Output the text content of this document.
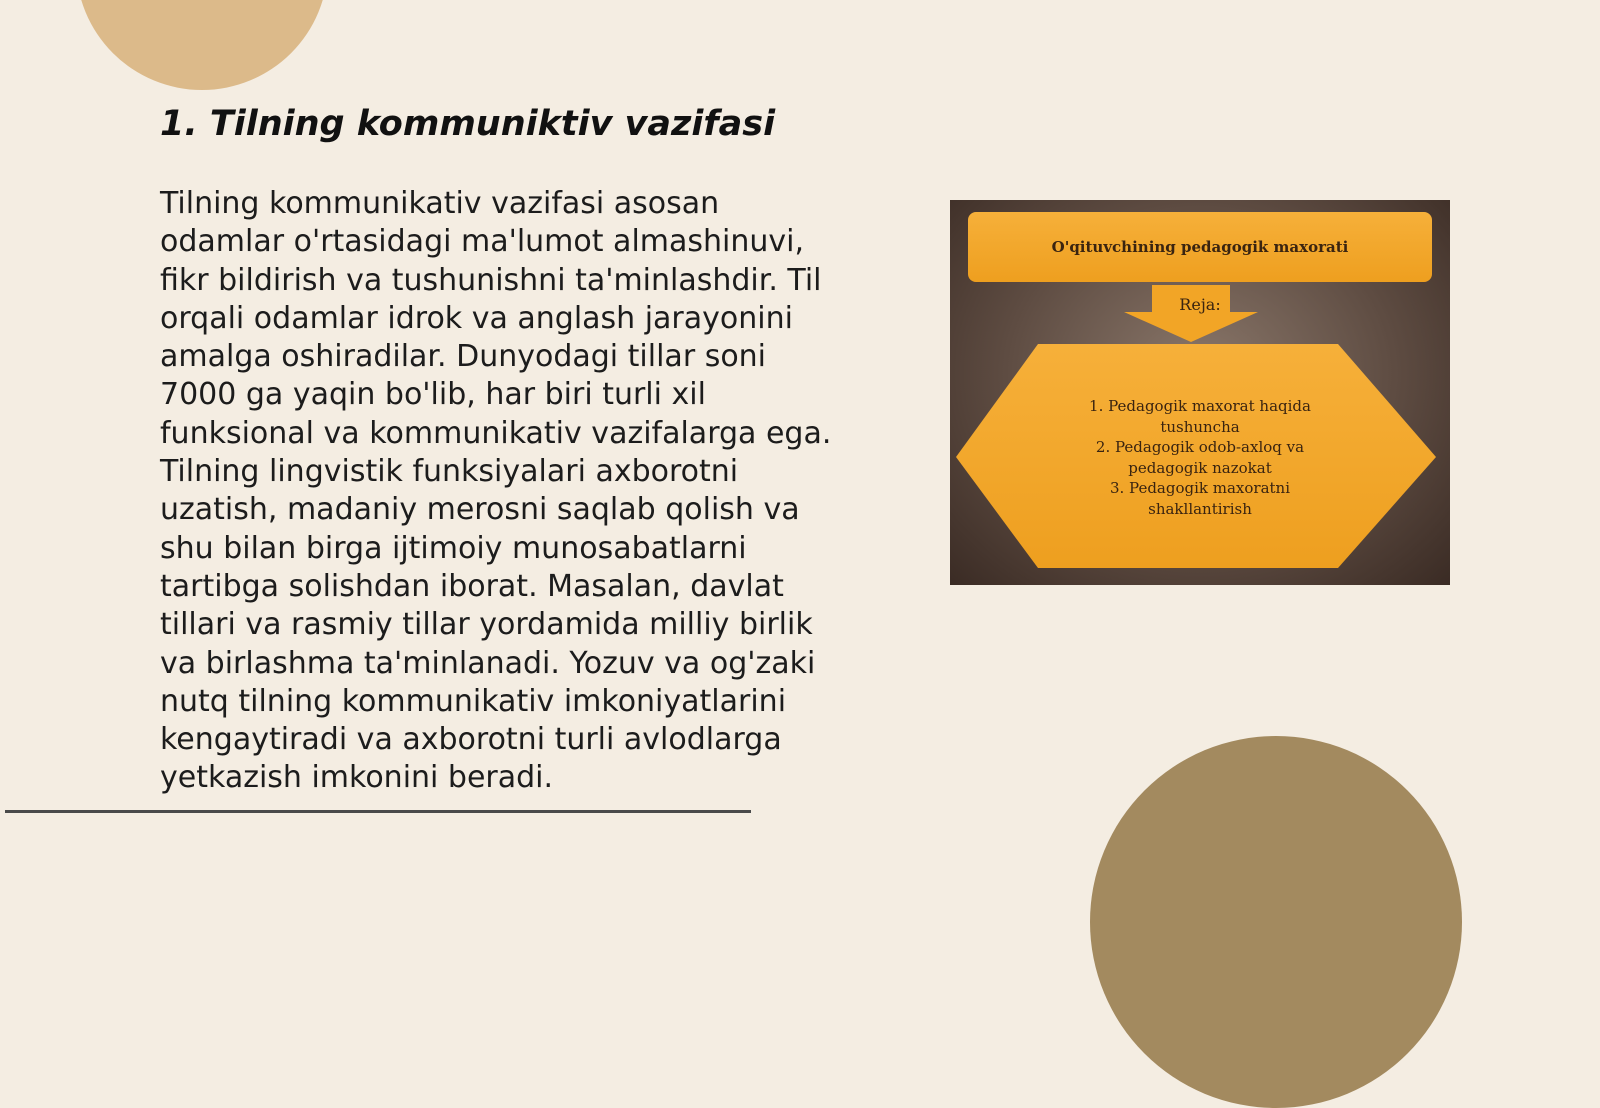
1. Tilning kommuniktiv vazifasi

Tilning kommunikativ vazifasi asosan odamlar o'rtasidagi ma'lumot almashinuvi, fikr bildirish va tushunishni ta'minlashdir. Til orqali odamlar idrok va anglash jarayonini amalga oshiradilar. Dunyodagi tillar soni 7000 ga yaqin bo'lib, har biri turli xil funksional va kommunikativ vazifalarga ega. Tilning lingvistik funksiyalari axborotni uzatish, madaniy merosni saqlab qolish va shu bilan birga ijtimoiy munosabatlarni tartibga solishdan iborat. Masalan, davlat tillari va rasmiy tillar yordamida milliy birlik va birlashma ta'minlanadi. Yozuv va og'zaki nutq tilning kommunikativ imkoniyatlarini kengaytiradi va axborotni turli avlodlarga yetkazish imkonini beradi.

O'qituvchining pedagogik maxorati
Reja:
1. Pedagogik maxorat haqida
tushuncha
2. Pedagogik odob-axloq va
pedagogik nazokat
3. Pedagogik maxoratni
shakllantirish
